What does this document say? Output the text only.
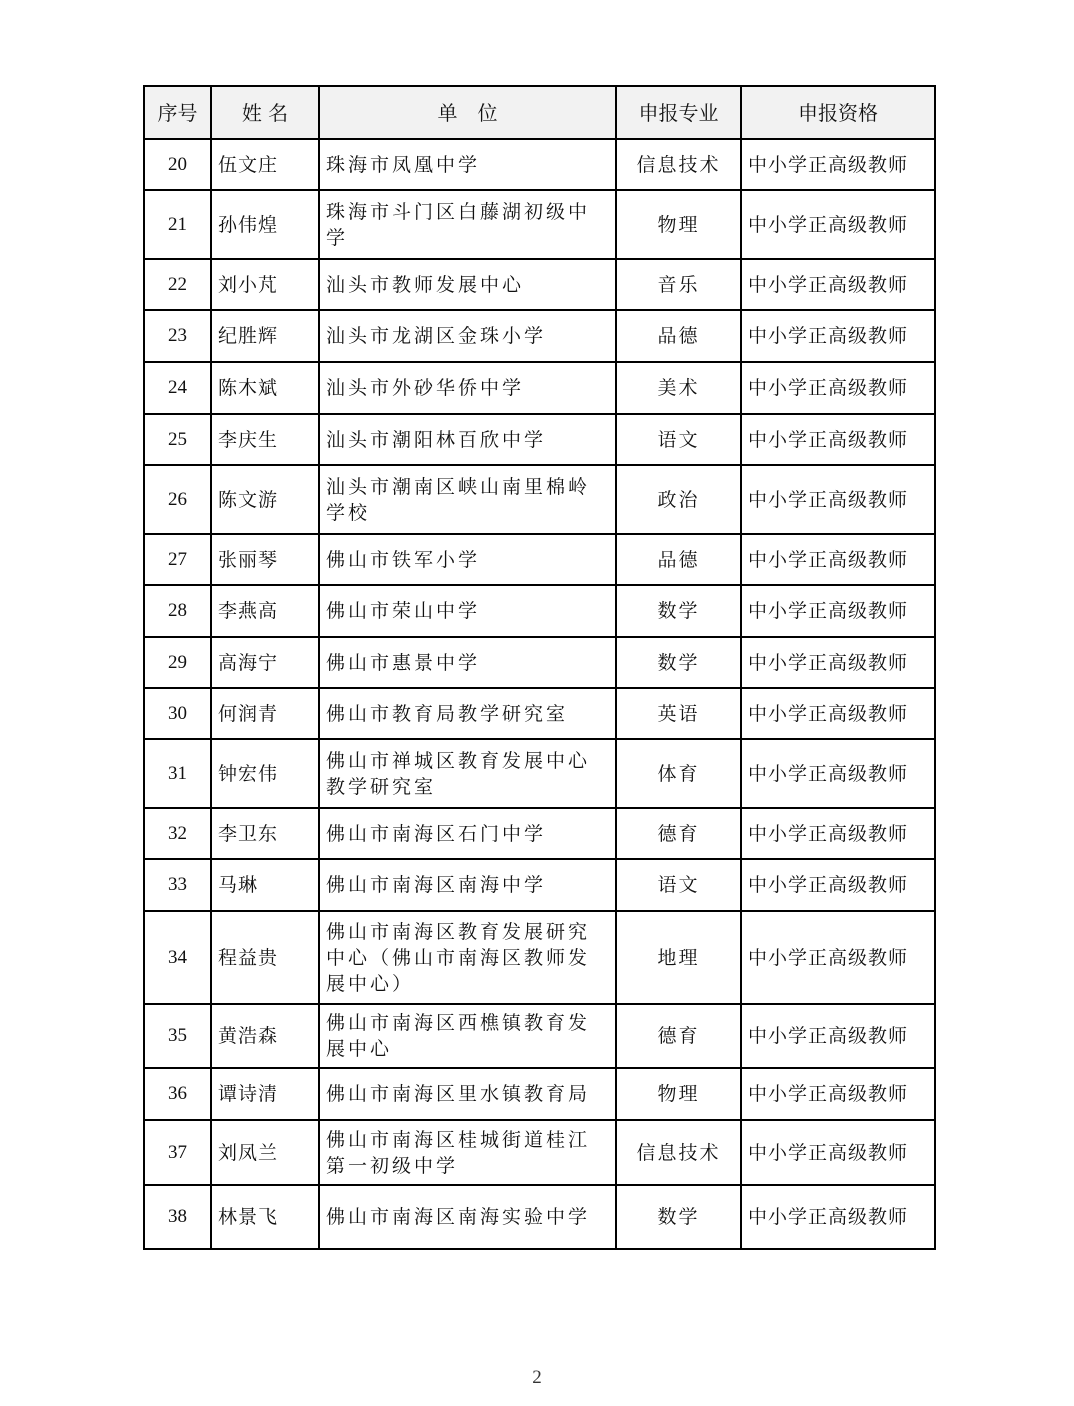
序号	姓 名	单　位	申报专业	申报资格
20	伍文庄	珠海市凤凰中学	信息技术	中小学正高级教师
21	孙伟煌	珠海市斗门区白藤湖初级中学	物理	中小学正高级教师
22	刘小芃	汕头市教师发展中心	音乐	中小学正高级教师
23	纪胜辉	汕头市龙湖区金珠小学	品德	中小学正高级教师
24	陈木斌	汕头市外砂华侨中学	美术	中小学正高级教师
25	李庆生	汕头市潮阳林百欣中学	语文	中小学正高级教师
26	陈文游	汕头市潮南区峡山南里棉岭学校	政治	中小学正高级教师
27	张丽琴	佛山市铁军小学	品德	中小学正高级教师
28	李燕高	佛山市荣山中学	数学	中小学正高级教师
29	高海宁	佛山市惠景中学	数学	中小学正高级教师
30	何润青	佛山市教育局教学研究室	英语	中小学正高级教师
31	钟宏伟	佛山市禅城区教育发展中心教学研究室	体育	中小学正高级教师
32	李卫东	佛山市南海区石门中学	德育	中小学正高级教师
33	马琳	佛山市南海区南海中学	语文	中小学正高级教师
34	程益贵	佛山市南海区教育发展研究中心（佛山市南海区教师发展中心）	地理	中小学正高级教师
35	黄浩森	佛山市南海区西樵镇教育发展中心	德育	中小学正高级教师
36	谭诗清	佛山市南海区里水镇教育局	物理	中小学正高级教师
37	刘凤兰	佛山市南海区桂城街道桂江第一初级中学	信息技术	中小学正高级教师
38	林景飞	佛山市南海区南海实验中学	数学	中小学正高级教师
2
